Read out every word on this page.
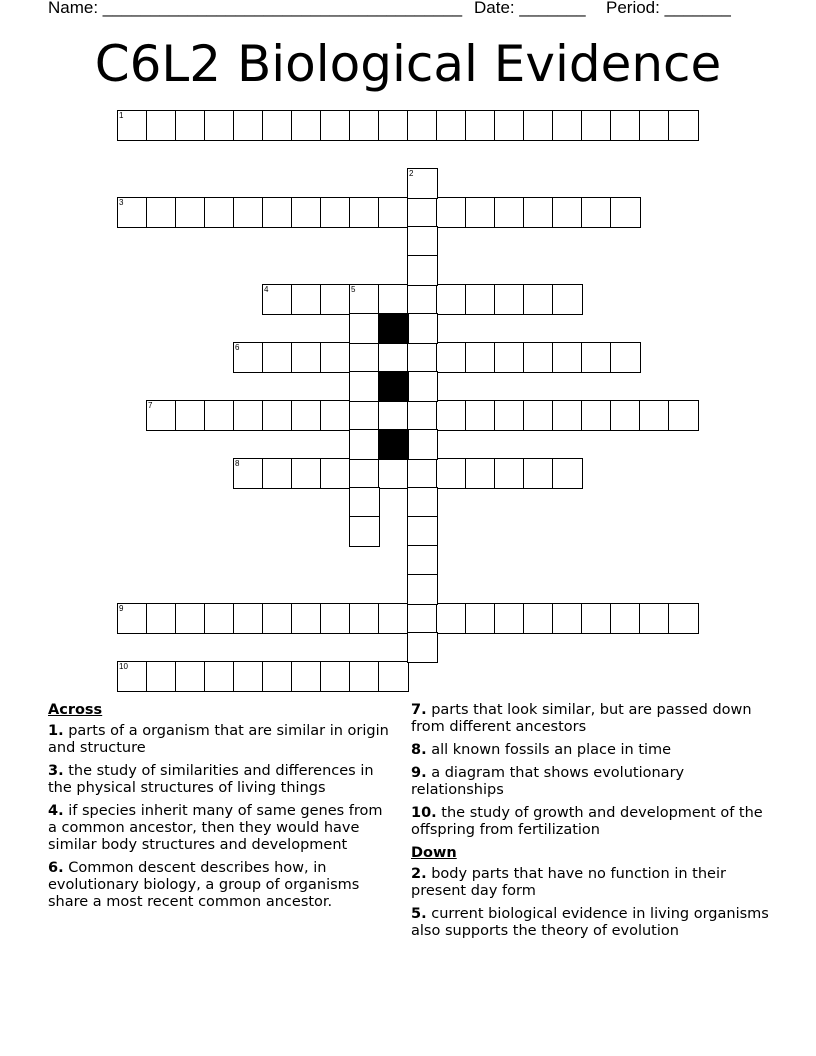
Name: ______________________________________ Date: _______ Period: _______
C6L2 Biological Evidence
1
3
4	5
6
7
8
9
10
2
Across
1. parts of a organism that are similar in origin and structure
3. the study of similarities and differences in the physical structures of living things
4. if species inherit many of same genes from a common ancestor, then they would have similar body structures and development
6. Common descent describes how, in evolutionary biology, a group of organisms share a most recent common ancestor.
7. parts that look similar, but are passed down from different ancestors
8. all known fossils an place in time
9. a diagram that shows evolutionary relationships
10. the study of growth and development of the offspring from fertilization
Down
2. body parts that have no function in their present day form
5. current biological evidence in living organisms also supports the theory of evolution
